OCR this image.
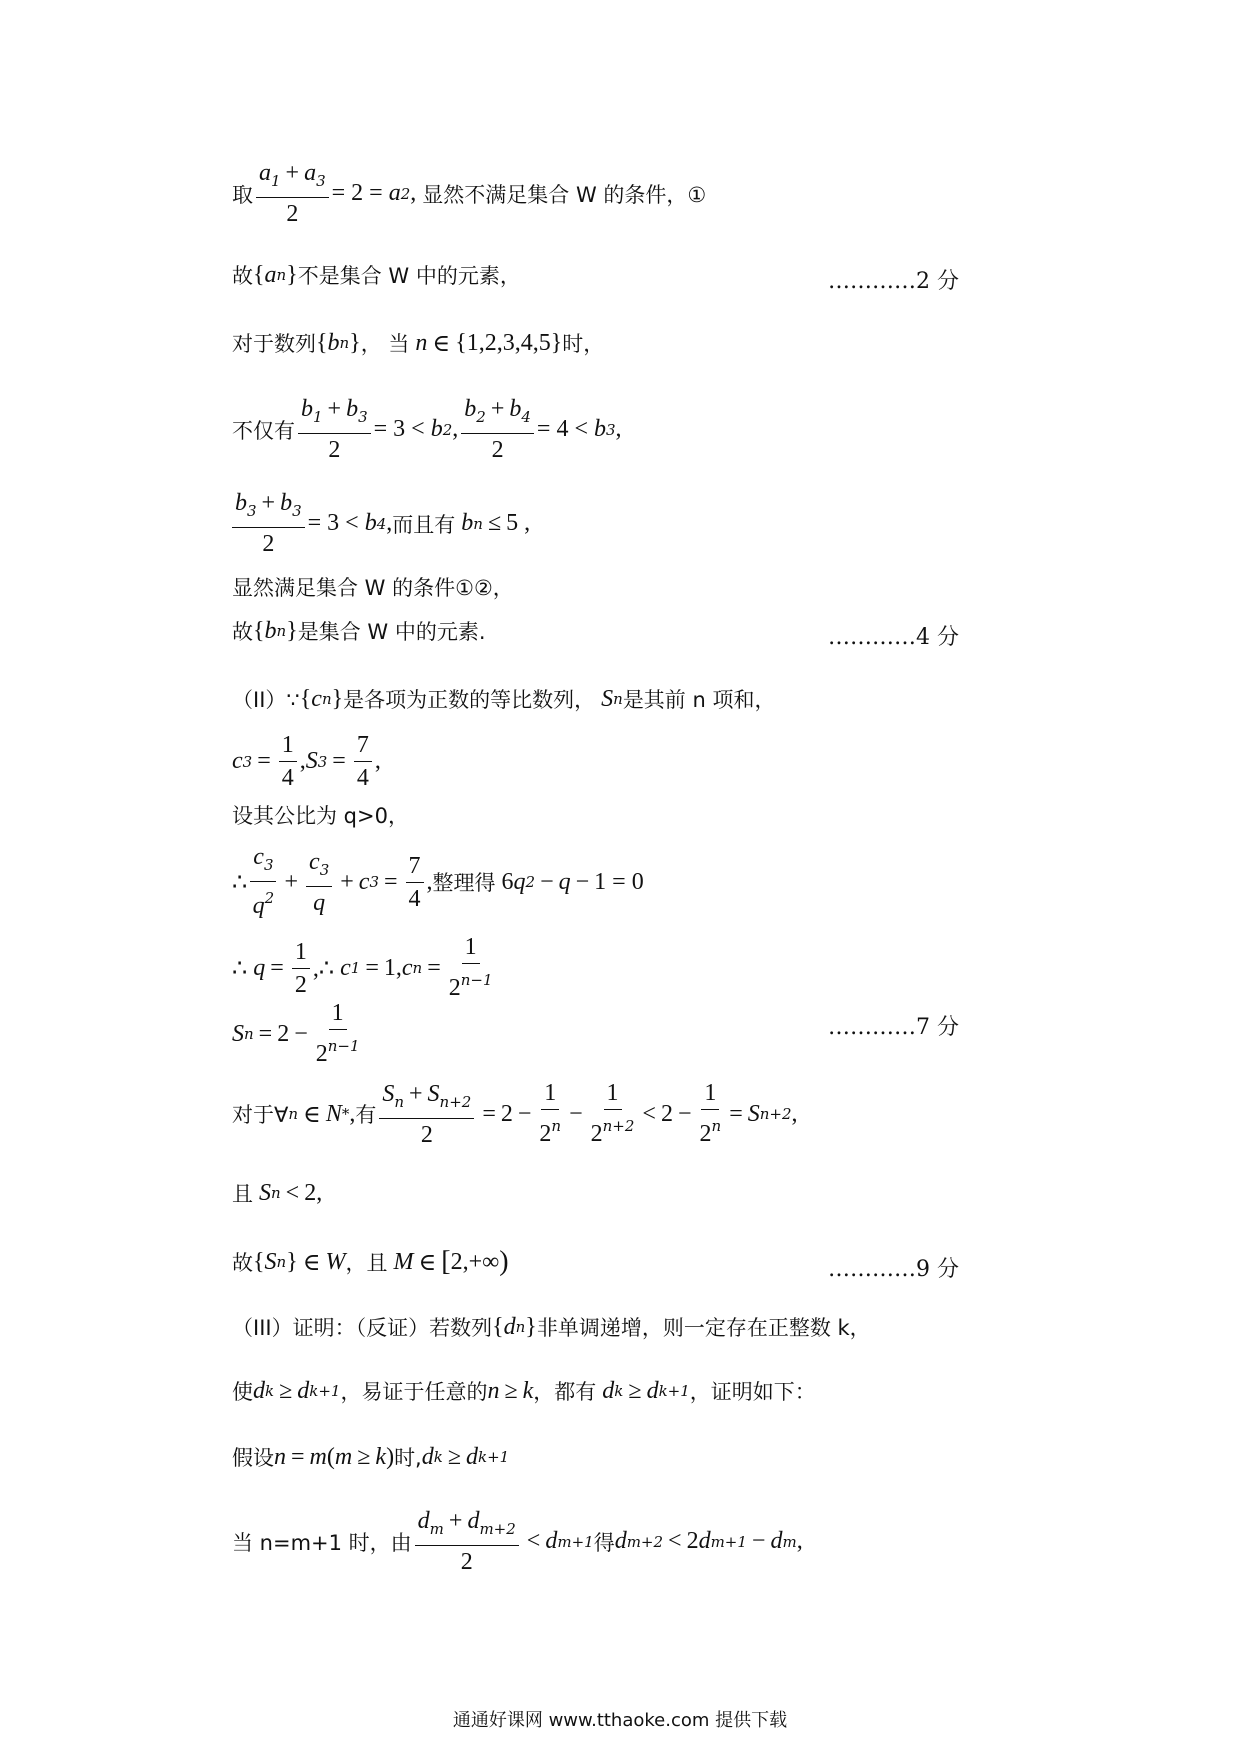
取 $\frac{a_1 + a_3}{2} = 2 = a$ 2 , 显然不满足集合 W 的条件，①
故 { a n } 不是集合 W 中的元素，	…………2 分
对于数列 { b n } ， 当 n ∈ {1,2,3,4,5} 时，
不仅有 $\frac{b_1 + b_3}{2} = 3 < b$ 2 , $\frac{b_2 + b_4}{2} = 4 < b$ 3 ,
$\frac{b_3 + b_3}{2} = 3 < b$ 4 , 而且有 b n ≤ 5 ,
显然满足集合 W 的条件①②，
故 { b n } 是集合 W 中的元素.	…………4 分
（II）∵ { c n } 是各项为正数的等比数列， S n 是其前 n 项和，
c $3 = \frac{1}{4}$ , S $3 = \frac{7}{4}$ ,
设其公比为 q>0，
∴ $\frac{c_3}{q^2} + \frac{c_3}{q} + c$ $3 = \frac{7}{4}$ , 整理得 6 q 2 − q − 1 = 0
∴ $q = \frac{1}{2}$ ,∴ c 1 = 1, c $n = \frac{1}{2^{n-1}}$
S $n = 2 - \frac{1}{2^{n-1}}$	…………7 分
对于∀ n ∈ N * , 有 $\frac{S_n + S_{n+2}}{2} = 2 - \frac{1}{2^n} - \frac{1}{2^{n+2}} < 2 - \frac{1}{2^n} = S$ n+2 ,
且 S n < 2,
故 { S n } ∈ W ，且 M ∈ [ 2,+∞ )	…………9 分
（III）证明：（反证）若数列 { d n } 非单调递增，则一定存在正整数 k，
使 d k ≥ d k+1 ，易证于任意的 n ≥ k ，都有 d k ≥ d k+1 ，证明如下：
假设 n = m ( m ≥ k ) 时, d k ≥ d k+1
当 n=m+1 时，由 $\frac{d_m + d_{m+2}}{2} < d$ m+1 得 d m+2 < 2 d m+1 − d m ,
通通好课网 www.tthaoke.com 提供下载
